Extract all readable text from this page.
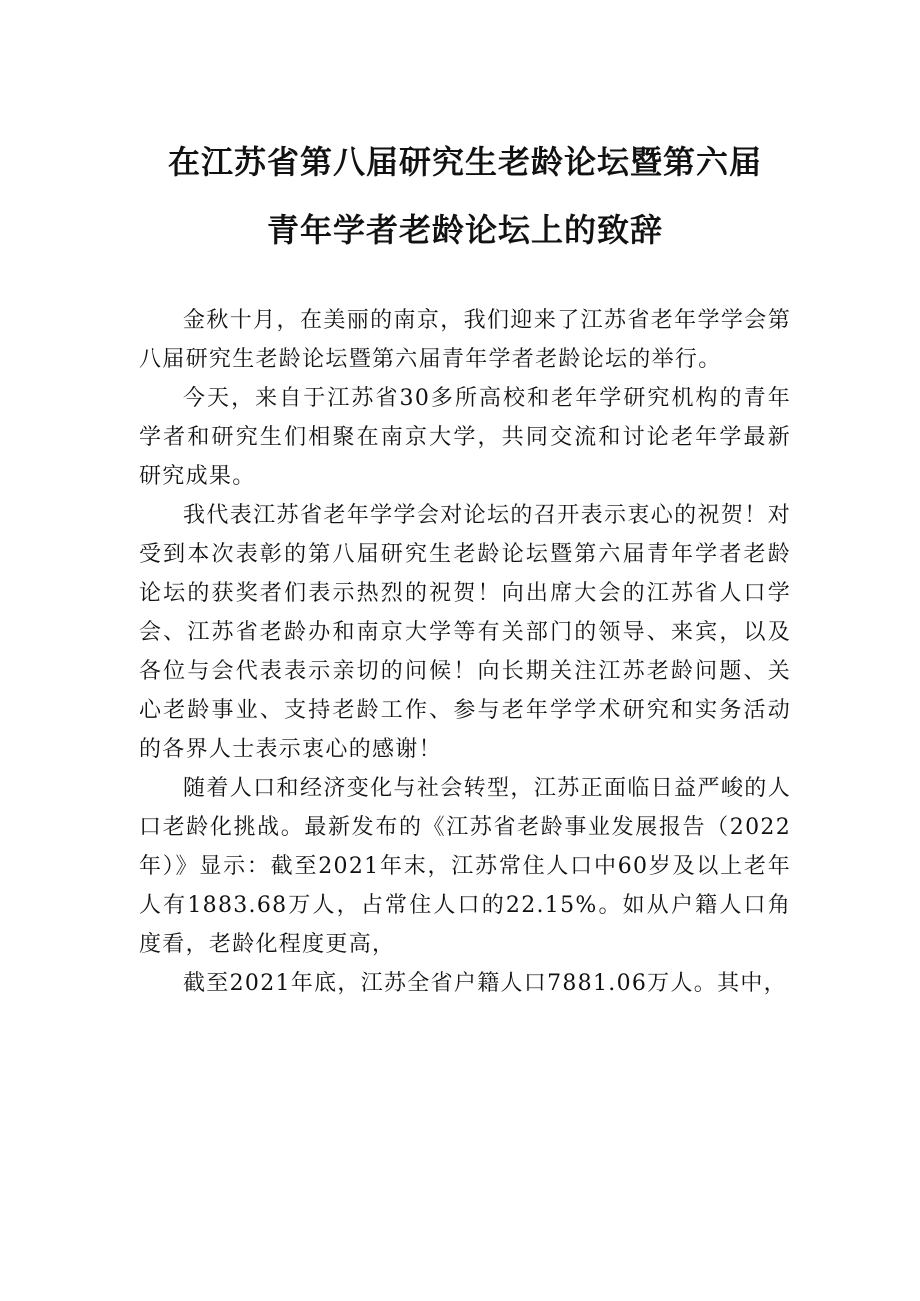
在江苏省第八届研究生老龄论坛暨第六届
青年学者老龄论坛上的致辞

金秋十月，在美丽的南京，我们迎来了江苏省老年学学会第八届研究生老龄论坛暨第六届青年学者老龄论坛的举行。

今天，来自于江苏省30多所高校和老年学研究机构的青年学者和研究生们相聚在南京大学，共同交流和讨论老年学最新研究成果。

我代表江苏省老年学学会对论坛的召开表示衷心的祝贺！对受到本次表彰的第八届研究生老龄论坛暨第六届青年学者老龄论坛的获奖者们表示热烈的祝贺！向出席大会的江苏省人口学会、江苏省老龄办和南京大学等有关部门的领导、来宾，以及各位与会代表表示亲切的问候！向长期关注江苏老龄问题、关心老龄事业、支持老龄工作、参与老年学学术研究和实务活动的各界人士表示衷心的感谢！

随着人口和经济变化与社会转型，江苏正面临日益严峻的人口老龄化挑战。最新发布的《江苏省老龄事业发展报告（2022年）》显示：截至2021年末，江苏常住人口中60岁及以上老年人有1883.68万人，占常住人口的22.15%。如从户籍人口角度看，老龄化程度更高，

截至2021年底，江苏全省户籍人口7881.06万人。其中，
